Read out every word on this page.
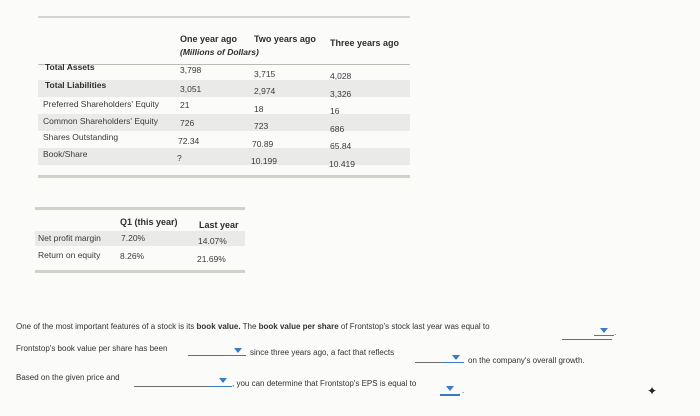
One year ago Two years ago Three years ago
(Millions of Dollars)
Total Assets	3,798	3,715	4,028
Total Liabilities	3,051	2,974	3,326
Preferred Shareholders' Equity 21	18	16
Common Shareholders' Equity	726	723	686
Shares Outstanding	72.34	70.89	65.84
Book/Share	?	10.199	10.419
Q1 (this year) Last year
Net profit margin 7.20%	14.07%
Return on equity 8.26%	21.69%
One of the most important features of a stock is its book value. The book value per share of Frontstop's stock last year was equal to
.
Frontstop's book value per share has been	since three years ago, a fact that reflects
on the company's overall growth.
Based on the given price and
, you can determine that Frontstop's EPS is equal to
.	✦
